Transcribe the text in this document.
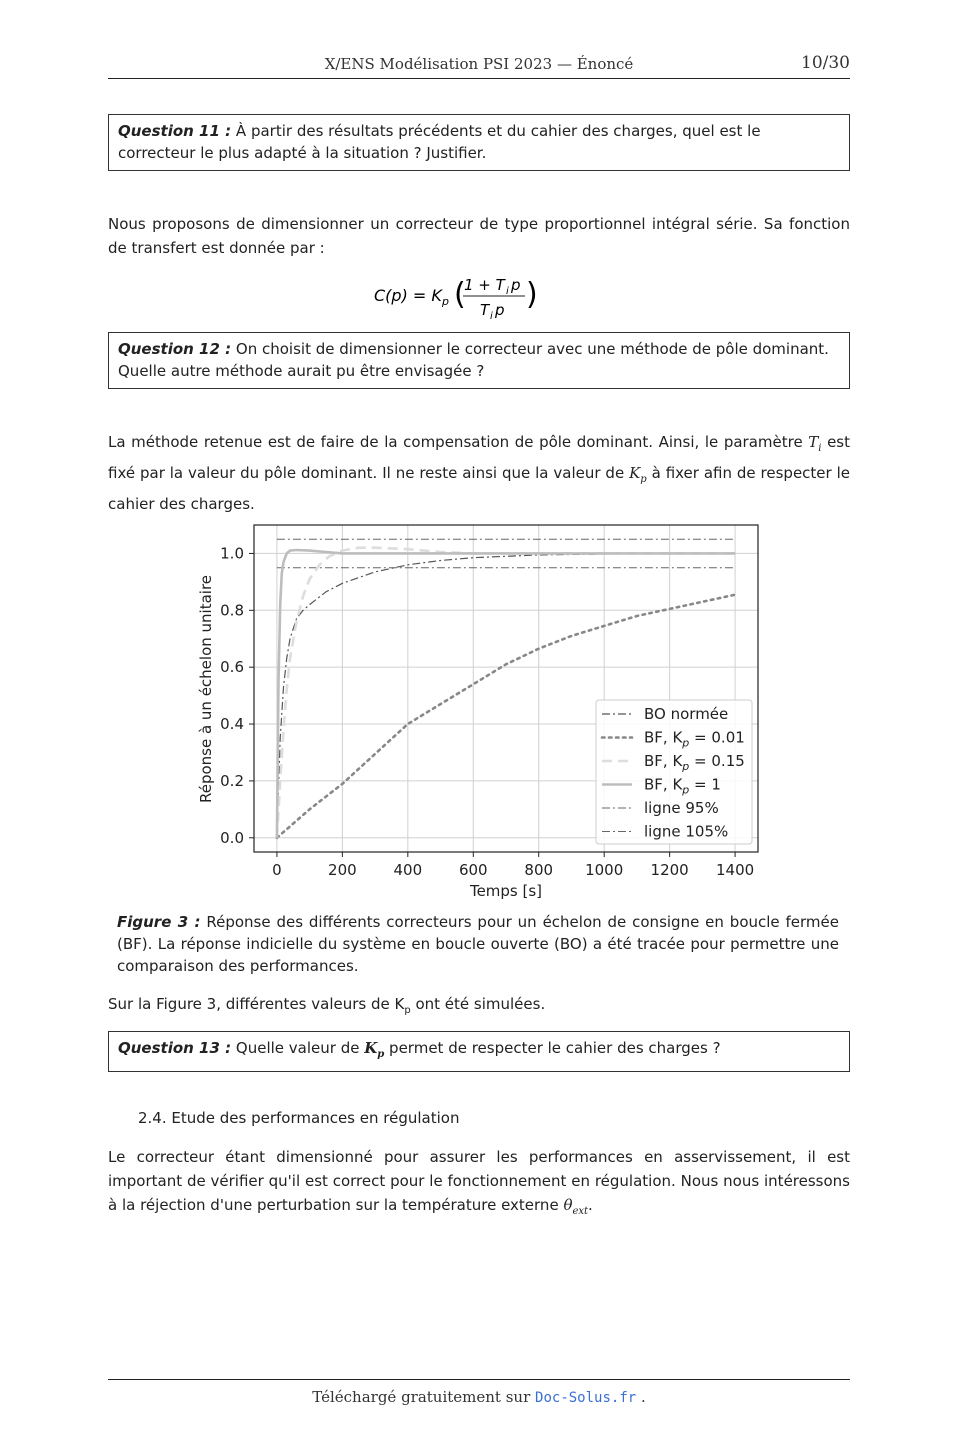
X/ENS Modélisation PSI 2023 — Énoncé	10/30
Question 11 : À partir des résultats précédents et du cahier des charges, quel est le correcteur le plus adapté à la situation ? Justifier.
Nous proposons de dimensionner un correcteur de type proportionnel intégral série. Sa fonction de transfert est donnée par :
C(p) = K p (
1 + T i p
T i p )
Question 12 : On choisit de dimensionner le correcteur avec une méthode de pôle dominant. Quelle autre méthode aurait pu être envisagée ?
La méthode retenue est de faire de la compensation de pôle dominant. Ainsi, le paramètre $T_i$ est fixé par la valeur du pôle dominant. Il ne reste ainsi que la valeur de $K_p$ à fixer afin de respecter le cahier des charges.
0	200 400 600 800 1000 1200 1400
0.0
0.2
0.4
0.6
0.8
1.0
Temps [s]
Réponse à un échelon unitaire	BO normée
BF, $K_p = 0.01$
BF, $K_p = 0.15$
BF, $K_p = 1$
ligne 95%
ligne 105%
Figure 3 : Réponse des différents correcteurs pour un échelon de consigne en boucle fermée (BF). La réponse indicielle du système en boucle ouverte (BO) a été tracée pour permettre une comparaison des performances.
Sur la Figure 3, différentes valeurs de $K_p$ ont été simulées.
Question 13 : Quelle valeur de $K_p$ permet de respecter le cahier des charges ?
2.4. Etude des performances en régulation
Le correcteur étant dimensionné pour assurer les performances en asservissement, il est important de vérifier qu'il est correct pour le fonctionnement en régulation. Nous nous intéressons à la réjection d'une perturbation sur la température externe $\theta_{ext}$.
Téléchargé gratuitement sur Doc-Solus.fr .
